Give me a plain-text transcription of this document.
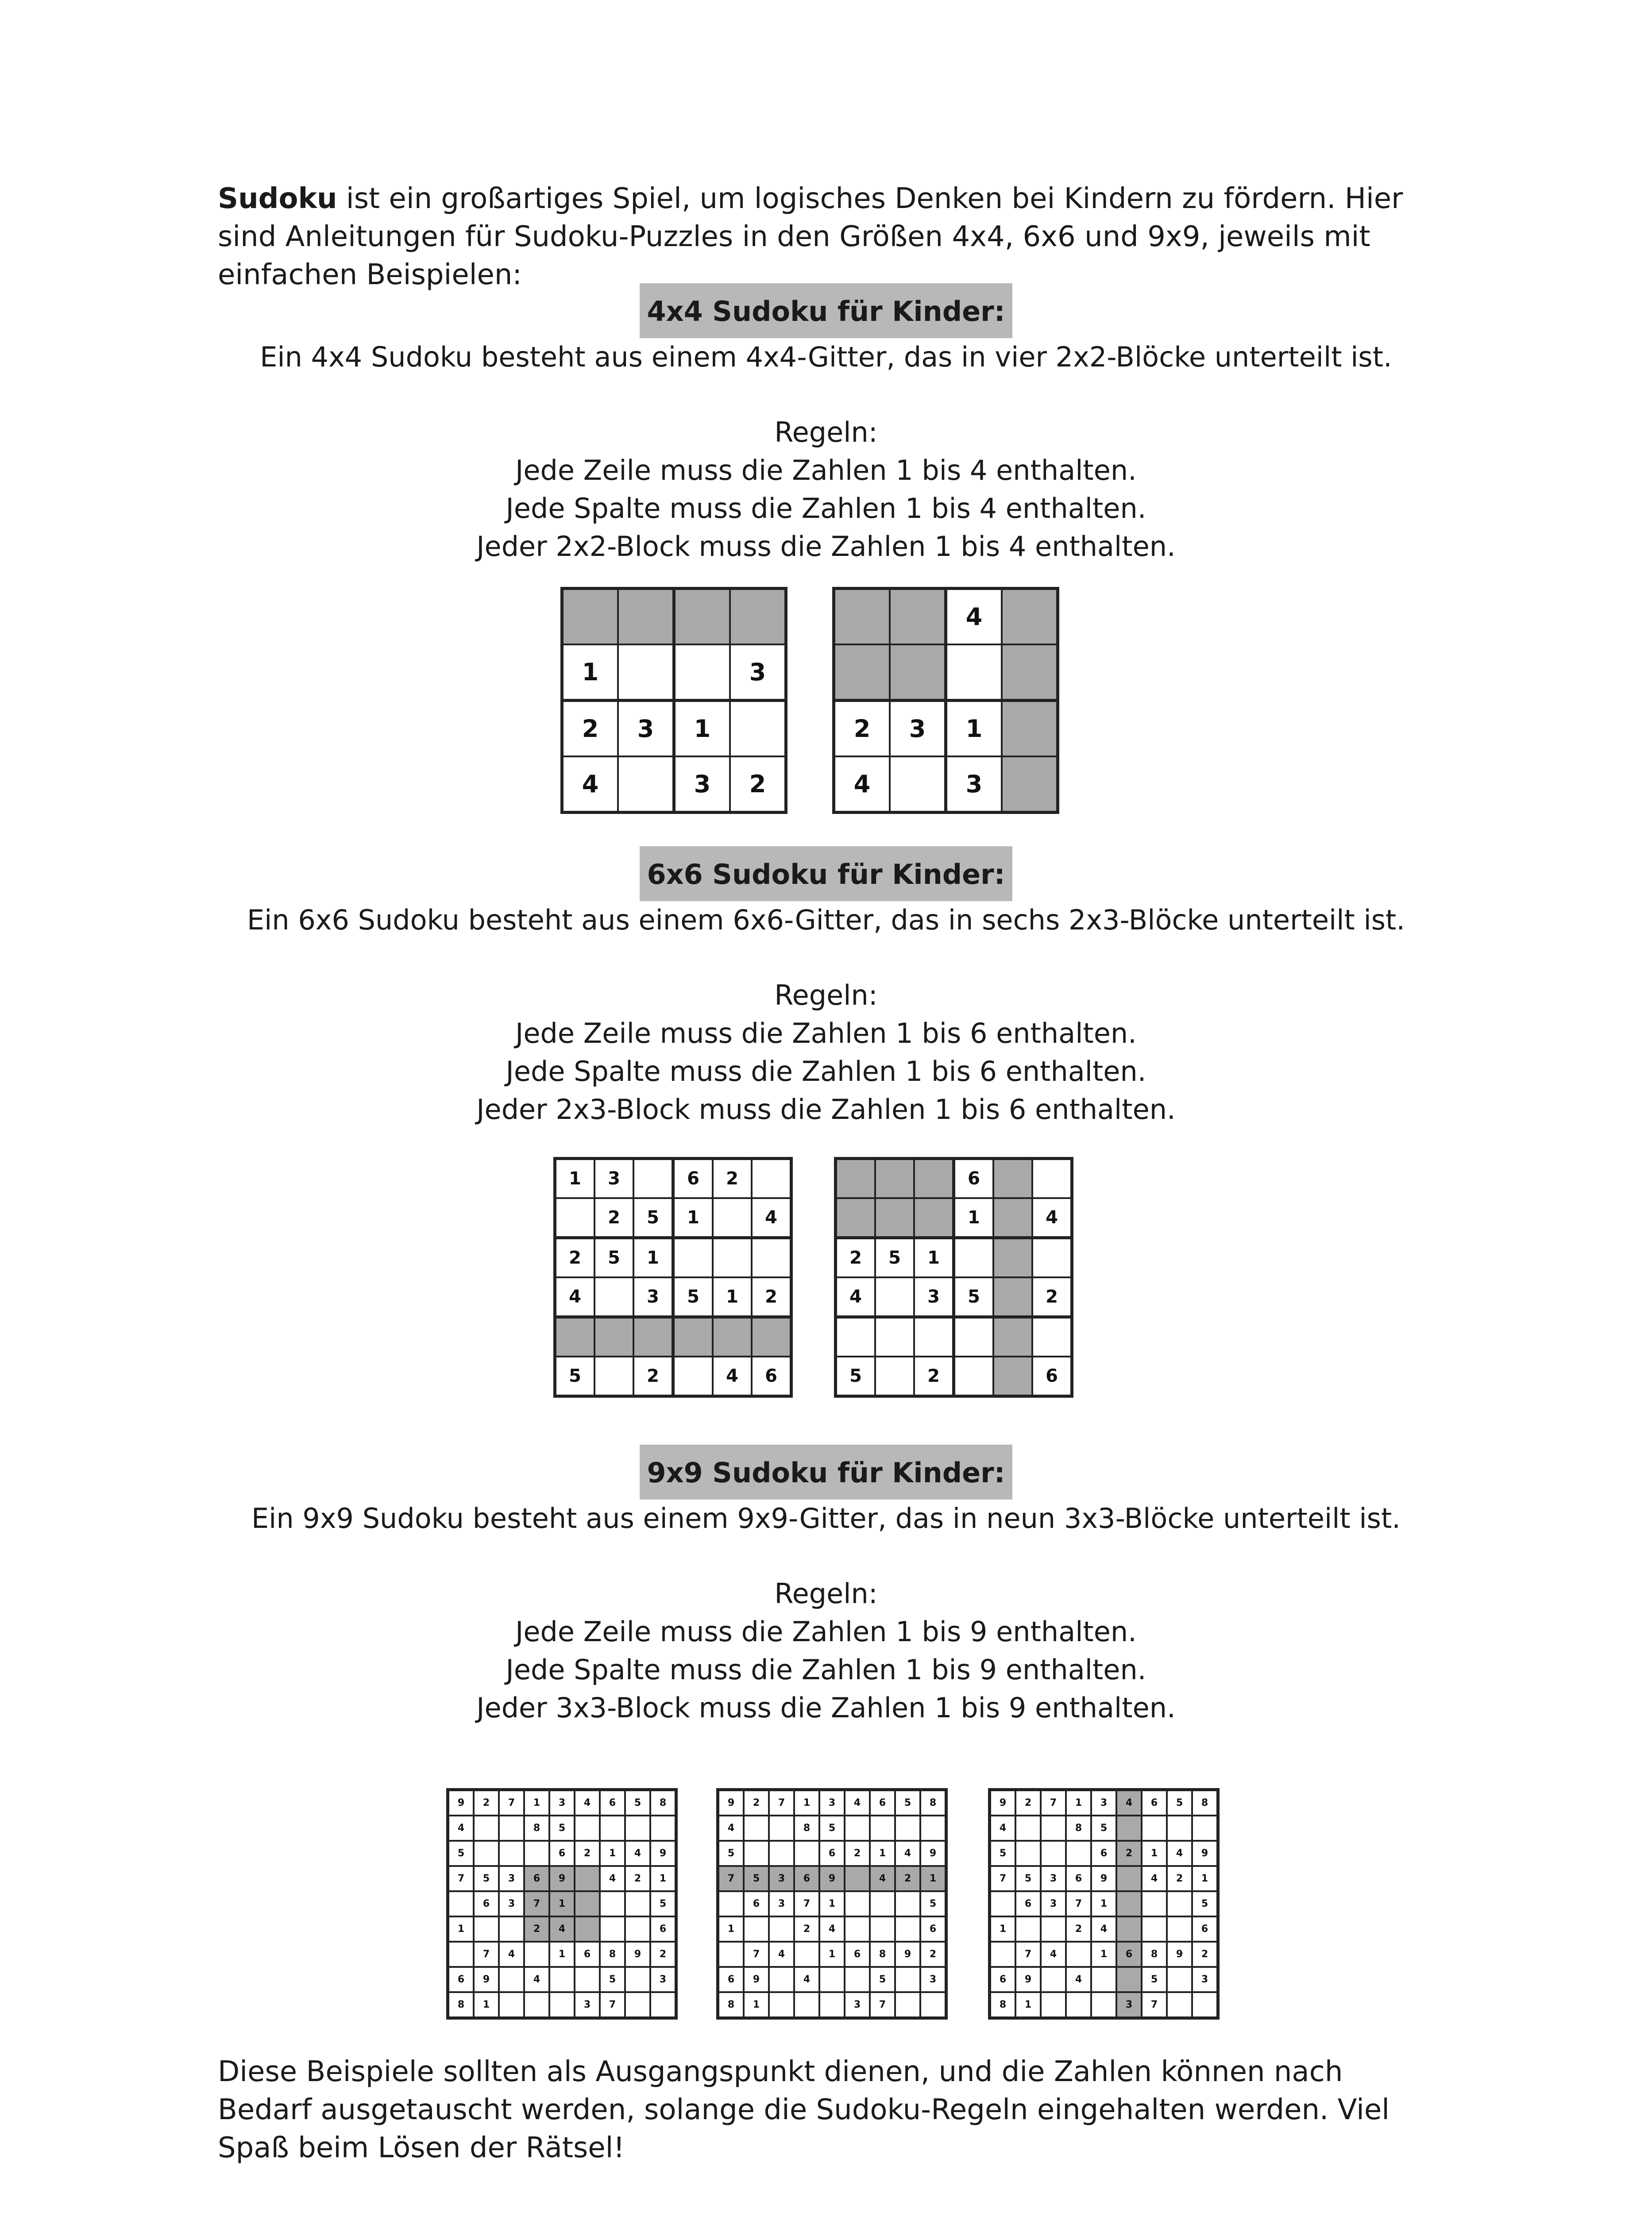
Sudoku ist ein großartiges Spiel, um logisches Denken bei Kindern zu fördern. Hier sind Anleitungen für Sudoku-Puzzles in den Größen 4x4, 6x6 und 9x9, jeweils mit einfachen Beispielen:

4x4 Sudoku für Kinder:

Ein 4x4 Sudoku besteht aus einem 4x4-Gitter, das in vier 2x2-Blöcke unterteilt ist.

Regeln:
Jede Zeile muss die Zahlen 1 bis 4 enthalten.
Jede Spalte muss die Zahlen 1 bis 4 enthalten.
Jeder 2x2-Block muss die Zahlen 1 bis 4 enthalten.
6x6 Sudoku für Kinder:

Ein 6x6 Sudoku besteht aus einem 6x6-Gitter, das in sechs 2x3-Blöcke unterteilt ist.

Regeln:
Jede Zeile muss die Zahlen 1 bis 6 enthalten.
Jede Spalte muss die Zahlen 1 bis 6 enthalten.
Jeder 2x3-Block muss die Zahlen 1 bis 6 enthalten.
9x9 Sudoku für Kinder:

Ein 9x9 Sudoku besteht aus einem 9x9-Gitter, das in neun 3x3-Blöcke unterteilt ist.

Regeln:
Jede Zeile muss die Zahlen 1 bis 9 enthalten.
Jede Spalte muss die Zahlen 1 bis 9 enthalten.
Jeder 3x3-Block muss die Zahlen 1 bis 9 enthalten.

1			3
2	3	1	
4		3	2
		4	

2	3	1	
4		3	
1	3		6	2	
	2	5	1		4
2	5	1			
4		3	5	1	2

5		2		4	6
			6		
			1		4
2	5	1			
4		3	5		2

5		2			6
9	2	7	1	3	4	6	5	8
4			8	5				
5				6	2	1	4	9
7	5	3	6	9		4	2	1
	6	3	7	1				5
1			2	4				6
	7	4		1	6	8	9	2
6	9		4			5		3
8	1				3	7		
9	2	7	1	3	4	6	5	8
4			8	5				
5				6	2	1	4	9
7	5	3	6	9		4	2	1
	6	3	7	1				5
1			2	4				6
	7	4		1	6	8	9	2
6	9		4			5		3
8	1				3	7		
9	2	7	1	3	4	6	5	8
4			8	5				
5				6	2	1	4	9
7	5	3	6	9		4	2	1
	6	3	7	1				5
1			2	4				6
	7	4		1	6	8	9	2
6	9		4			5		3
8	1				3	7		

Diese Beispiele sollten als Ausgangspunkt dienen, und die Zahlen können nach Bedarf ausgetauscht werden, solange die Sudoku-Regeln eingehalten werden. Viel Spaß beim Lösen der Rätsel!
